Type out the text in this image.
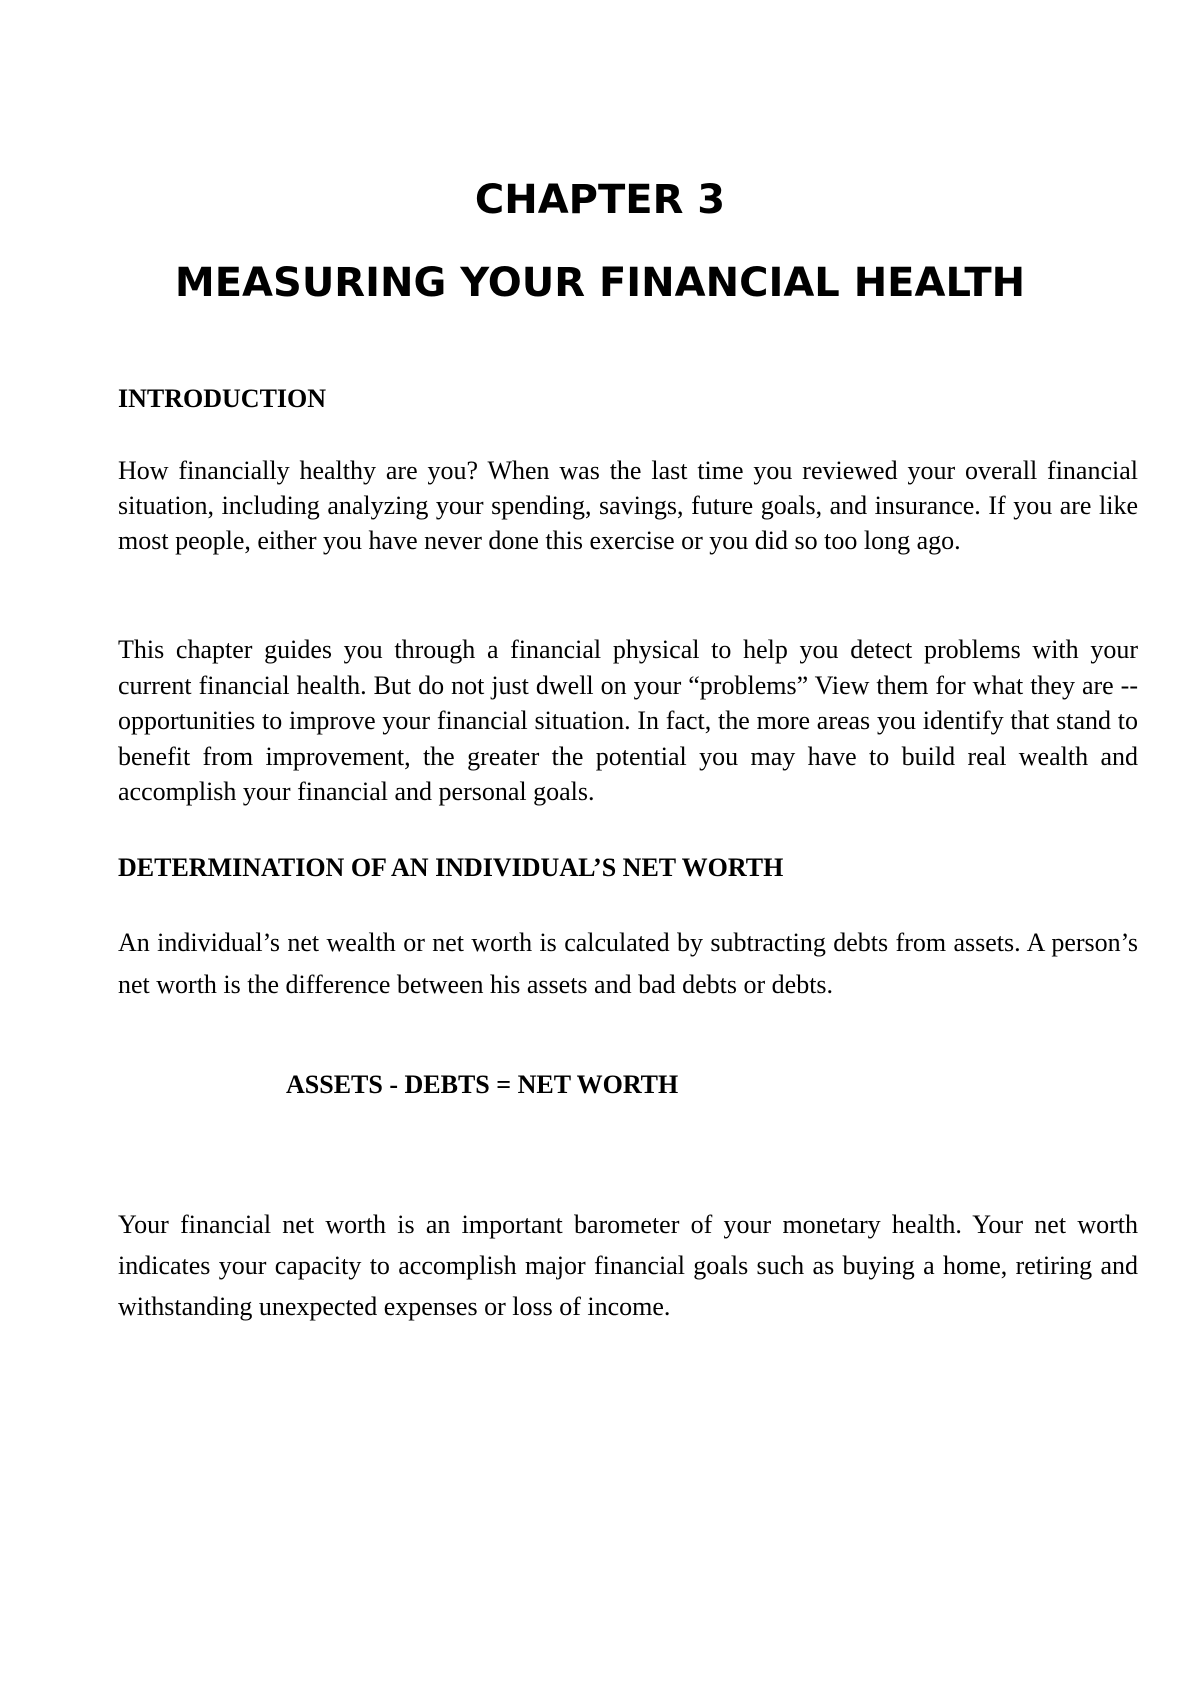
CHAPTER 3
MEASURING YOUR FINANCIAL HEALTH
INTRODUCTION

How financially healthy are you? When was the last time you reviewed your overall financial situation, including analyzing your spending, savings, future goals, and insurance. If you are like most people, either you have never done this exercise or you did so too long ago.

This chapter guides you through a financial physical to help you detect problems with your current financial health. But do not just dwell on your “problems” View them for what they are -- opportunities to improve your financial situation. In fact, the more areas you identify that stand to benefit from improvement, the greater the potential you may have to build real wealth and accomplish your financial and personal goals.

DETERMINATION OF AN INDIVIDUAL’S NET WORTH

An individual’s net wealth or net worth is calculated by subtracting debts from assets. A person’s net worth is the difference between his assets and bad debts or debts.

ASSETS - DEBTS = NET WORTH

Your financial net worth is an important barometer of your monetary health. Your net worth indicates your capacity to accomplish major financial goals such as buying a home, retiring and withstanding unexpected expenses or loss of income.
